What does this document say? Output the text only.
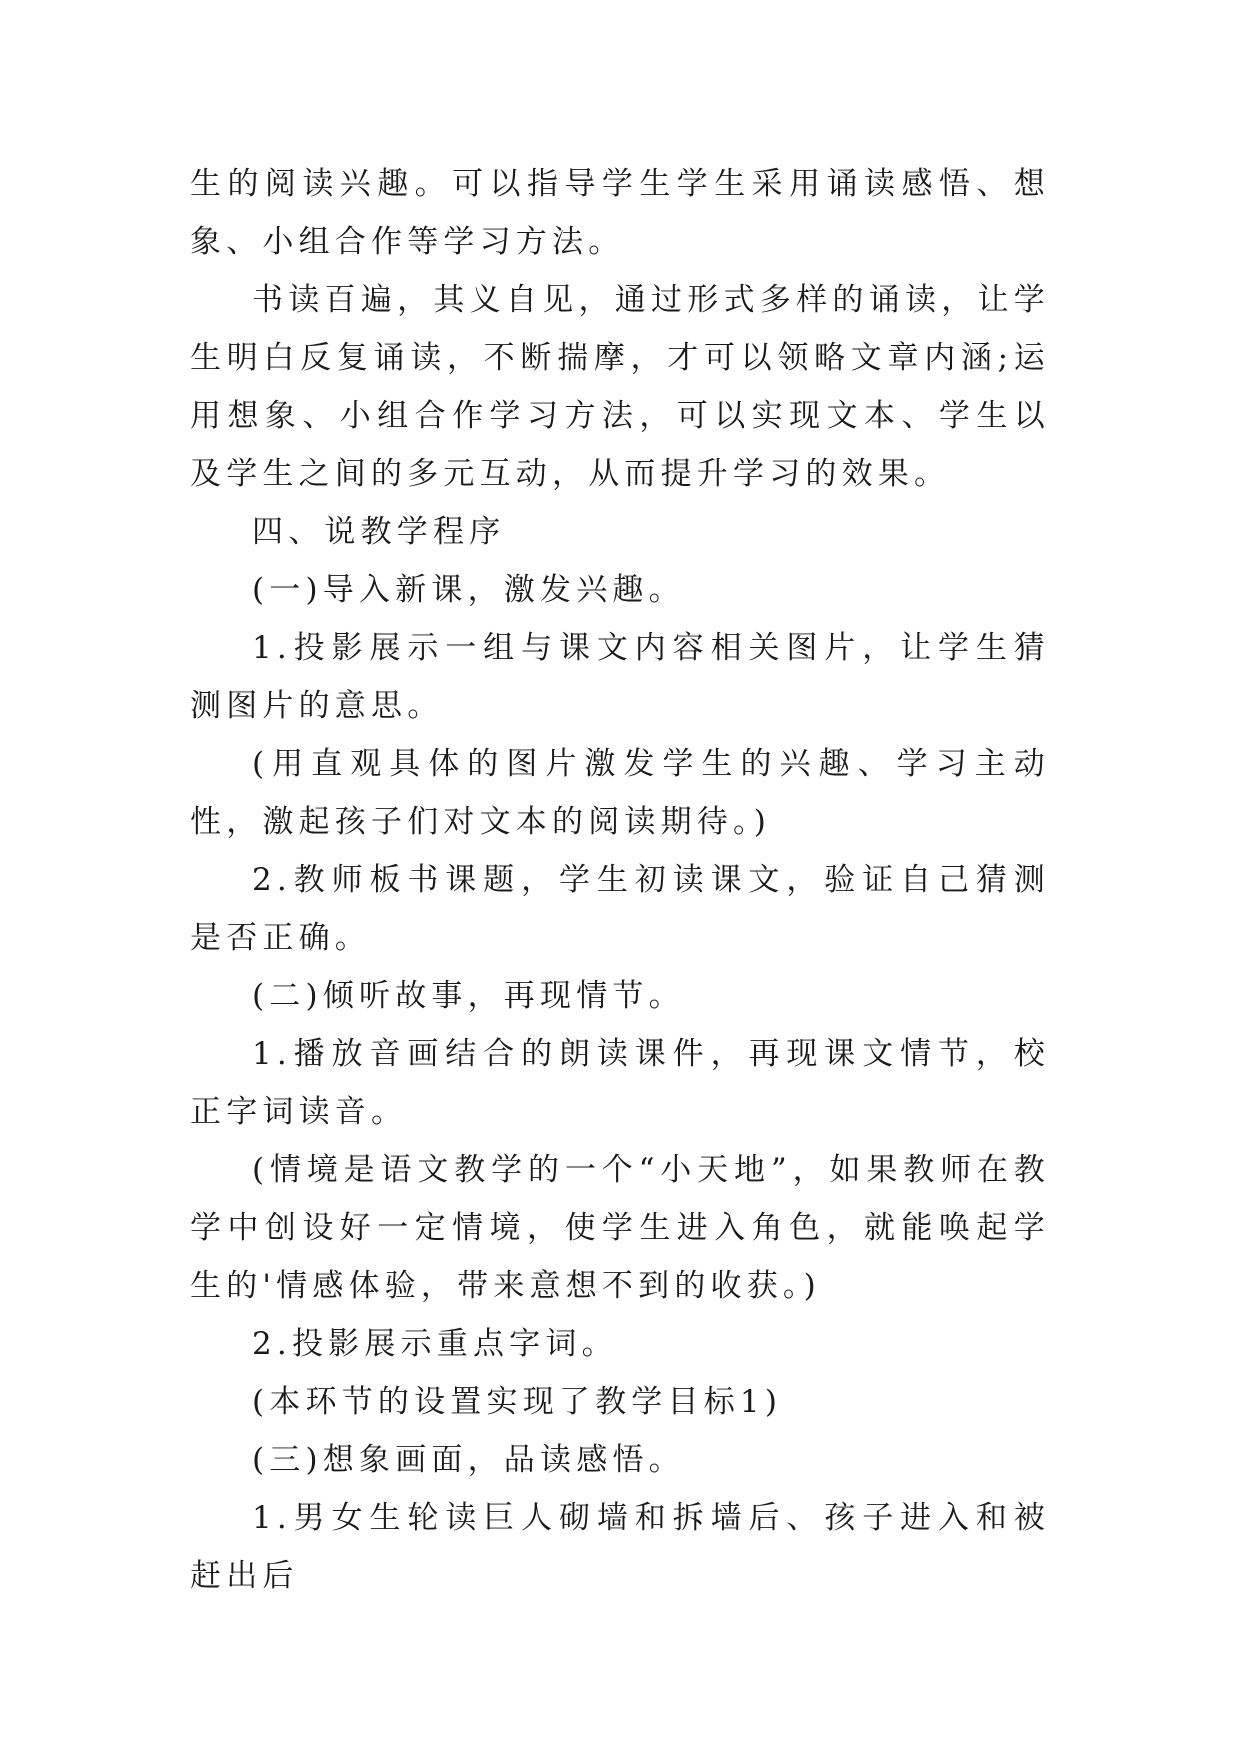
生的阅读兴趣。可以指导学生学生采用诵读感悟、想象、小组合作等学习方法。

书读百遍，其义自见，通过形式多样的诵读，让学生明白反复诵读，不断揣摩，才可以领略文章内涵;运用想象、小组合作学习方法，可以实现文本、学生以及学生之间的多元互动，从而提升学习的效果。

四、说教学程序

(一)导入新课，激发兴趣。

1.投影展示一组与课文内容相关图片，让学生猜测图片的意思。

(用直观具体的图片激发学生的兴趣、学习主动性，激起孩子们对文本的阅读期待。)

2.教师板书课题，学生初读课文，验证自己猜测是否正确。

(二)倾听故事，再现情节。

1.播放音画结合的朗读课件，再现课文情节，校正字词读音。

(情境是语文教学的一个“小天地”，如果教师在教学中创设好一定情境，使学生进入角色，就能唤起学生的'情感体验，带来意想不到的收获。)

2.投影展示重点字词。

(本环节的设置实现了教学目标1)

(三)想象画面，品读感悟。

1.男女生轮读巨人砌墙和拆墙后、孩子进入和被赶出后
